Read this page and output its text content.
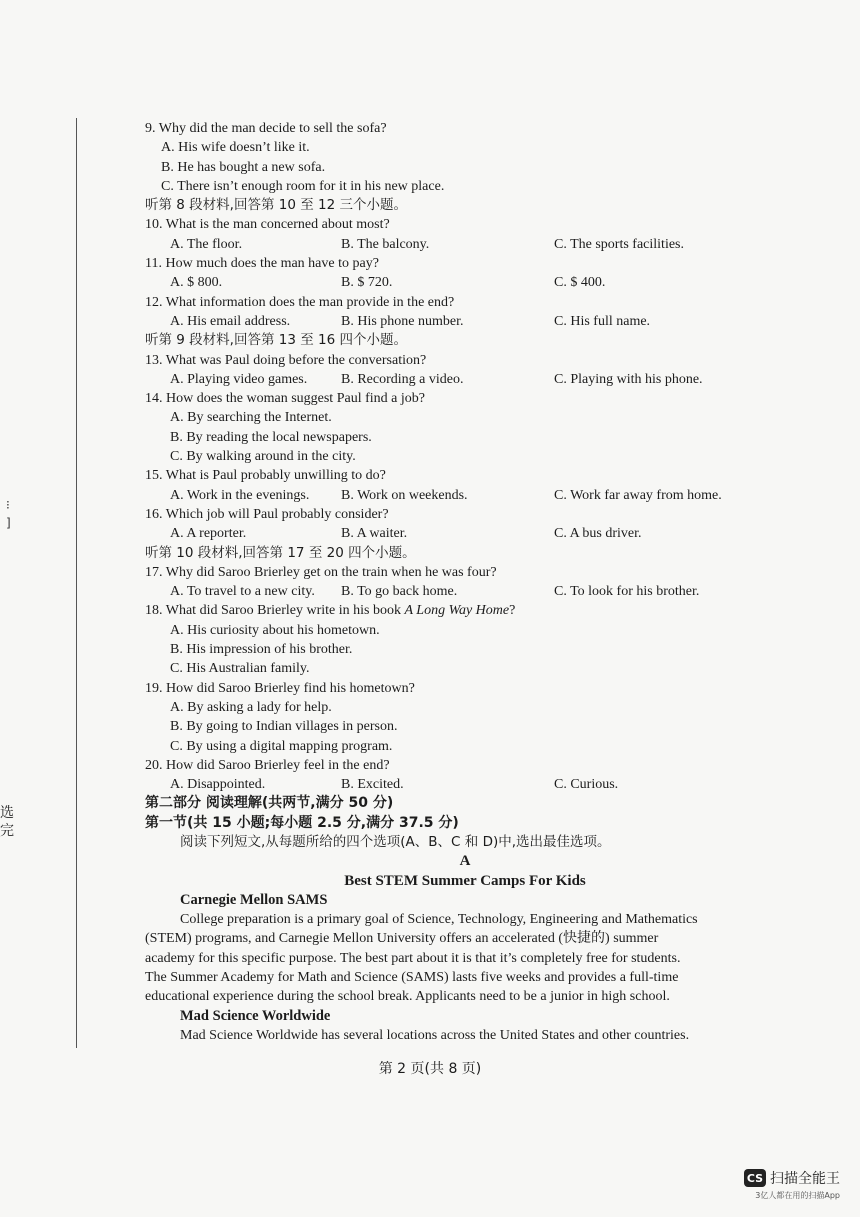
⁝
]
选
完
9. Why did the man decide to sell the sofa?
A. His wife doesn’t like it.
B. He has bought a new sofa.
C. There isn’t enough room for it in his new place.
听第 8 段材料,回答第 10 至 12 三个小题。
10. What is the man concerned about most?
A. The floor.	B. The balcony.	C. The sports facilities.
11. How much does the man have to pay?
A. $ 800.	B. $ 720.	C. $ 400.
12. What information does the man provide in the end?
A. His email address.	B. His phone number.	C. His full name.
听第 9 段材料,回答第 13 至 16 四个小题。
13. What was Paul doing before the conversation?
A. Playing video games.	B. Recording a video.	C. Playing with his phone.
14. How does the woman suggest Paul find a job?
A. By searching the Internet.
B. By reading the local newspapers.
C. By walking around in the city.
15. What is Paul probably unwilling to do?
A. Work in the evenings.	B. Work on weekends.	C. Work far away from home.
16. Which job will Paul probably consider?
A. A reporter.	B. A waiter.	C. A bus driver.
听第 10 段材料,回答第 17 至 20 四个小题。
17. Why did Saroo Brierley get on the train when he was four?
A. To travel to a new city.	B. To go back home.	C. To look for his brother.
18. What did Saroo Brierley write in his book A Long Way Home?
A. His curiosity about his hometown.
B. His impression of his brother.
C. His Australian family.
19. How did Saroo Brierley find his hometown?
A. By asking a lady for help.
B. By going to Indian villages in person.
C. By using a digital mapping program.
20. How did Saroo Brierley feel in the end?
A. Disappointed.	B. Excited.	C. Curious.
第二部分 阅读理解(共两节,满分 50 分)
第一节(共 15 小题;每小题 2.5 分,满分 37.5 分)
阅读下列短文,从每题所给的四个选项(A、B、C 和 D)中,选出最佳选项。
A
Best STEM Summer Camps For Kids
Carnegie Mellon SAMS
College preparation is a primary goal of Science, Technology, Engineering and Mathematics
(STEM) programs, and Carnegie Mellon University offers an accelerated (快捷的) summer
academy for this specific purpose. The best part about it is that it’s completely free for students.
The Summer Academy for Math and Science (SAMS) lasts five weeks and provides a full-time
educational experience during the school break. Applicants need to be a junior in high school.
Mad Science Worldwide
Mad Science Worldwide has several locations across the United States and other countries.
第 2 页(共 8 页)
CS 扫描全能王
3亿人都在用的扫描App
